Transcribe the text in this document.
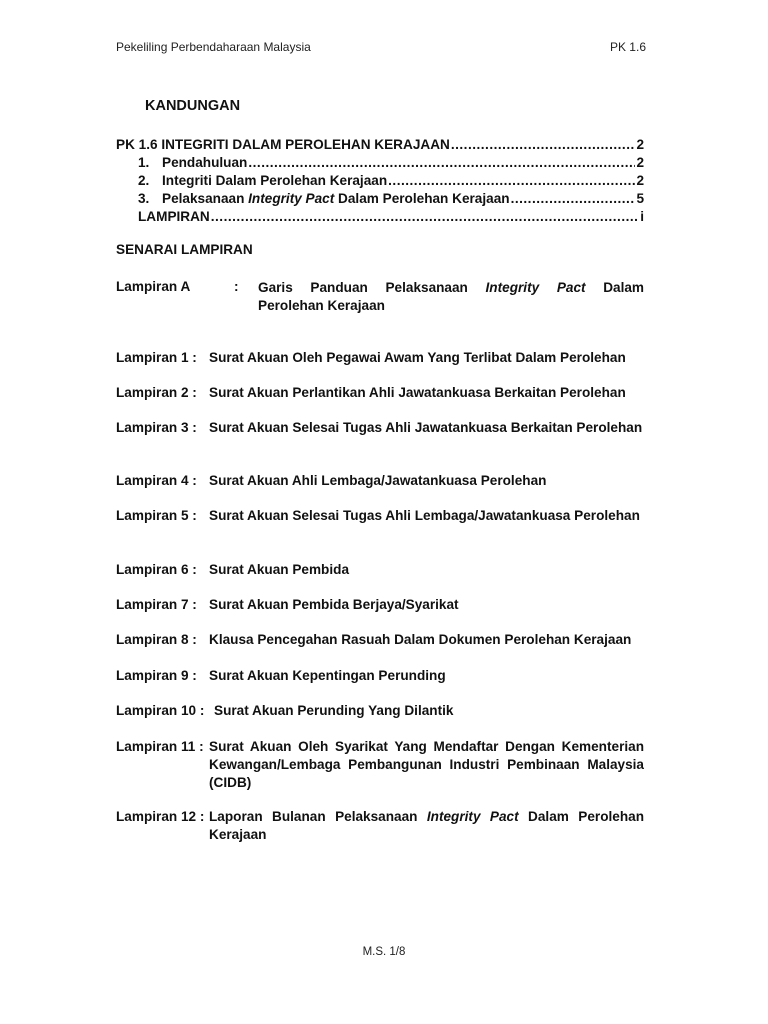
Pekeliling Perbendaharaan Malaysia	PK 1.6
KANDUNGAN
PK 1.6 INTEGRITI DALAM PEROLEHAN KERAJAAN .....	2
1. Pendahuluan .....	2
2. Integriti Dalam Perolehan Kerajaan .....	2
3. Pelaksanaan Integrity Pact Dalam Perolehan Kerajaan .....	5
LAMPIRAN .....	i
SENARAI LAMPIRAN
Lampiran A	: Garis Panduan Pelaksanaan Integrity Pact Dalam Perolehan Kerajaan
Lampiran 1 : Surat Akuan Oleh Pegawai Awam Yang Terlibat Dalam Perolehan
Lampiran 2 : Surat Akuan Perlantikan Ahli Jawatankuasa Berkaitan Perolehan
Lampiran 3 : Surat Akuan Selesai Tugas Ahli Jawatankuasa Berkaitan Perolehan
Lampiran 4 : Surat Akuan Ahli Lembaga/Jawatankuasa Perolehan
Lampiran 5 : Surat Akuan Selesai Tugas Ahli Lembaga/Jawatankuasa Perolehan
Lampiran 6 : Surat Akuan Pembida
Lampiran 7 : Surat Akuan Pembida Berjaya/Syarikat
Lampiran 8 : Klausa Pencegahan Rasuah Dalam Dokumen Perolehan Kerajaan
Lampiran 9 : Surat Akuan Kepentingan Perunding
Lampiran 10 : Surat Akuan Perunding Yang Dilantik
Lampiran 11 : Surat Akuan Oleh Syarikat Yang Mendaftar Dengan Kementerian Kewangan/Lembaga Pembangunan Industri Pembinaan Malaysia (CIDB)
Lampiran 12 : Laporan Bulanan Pelaksanaan Integrity Pact Dalam Perolehan Kerajaan
M.S. 1/8
